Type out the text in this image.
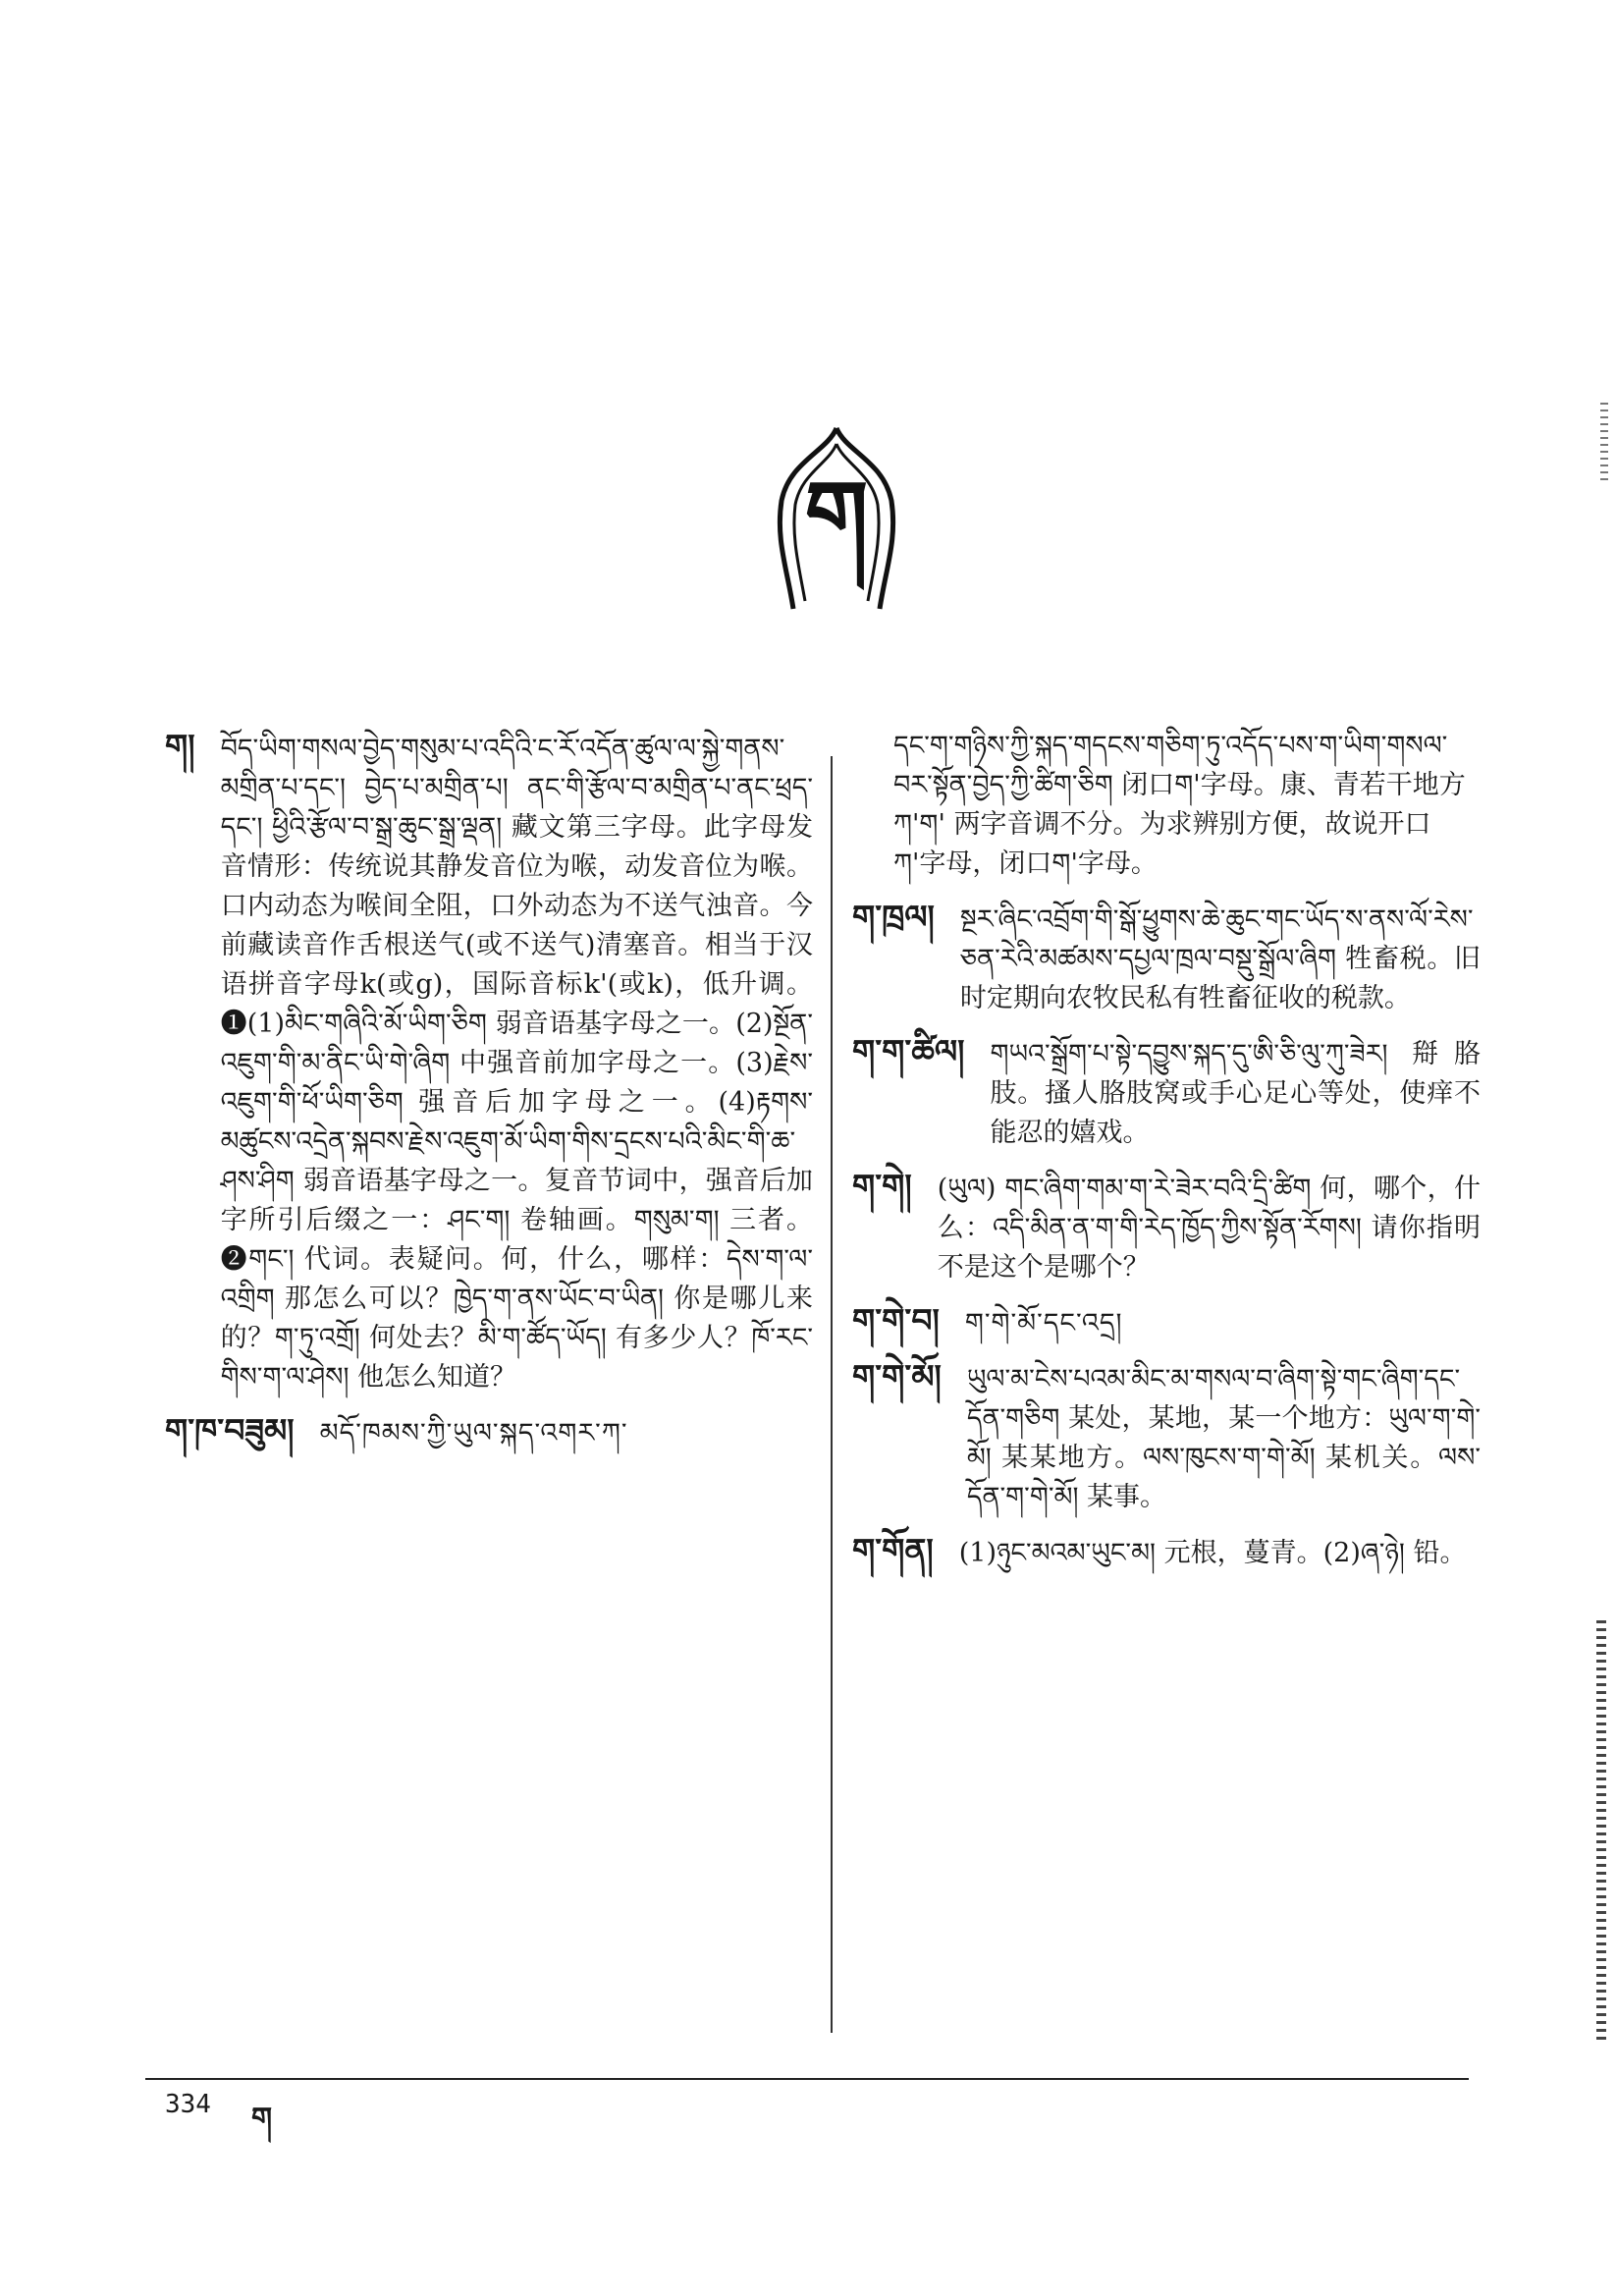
ག
ག། བོད་ཡིག་གསལ་བྱེད་གསུམ་པ་འདིའི་ང་རོ་འདོན་ཚུལ་ལ་སྐྱེ་གནས་མགྲིན་པ་དང་། བྱེད་པ་མགྲིན་པ། ནང་གི་རྩོལ་བ་མགྲིན་པ་ནང་ཕྲད་དང་། ཕྱིའི་རྩོལ་བ་སྒྲ་ཆུང་སྒྲ་ལྡན། 藏文第三字母。此字母发音情形：传统说其静发音位为喉，动发音位为喉。口内动态为喉间全阻，口外动态为不送气浊音。今前藏读音作舌根送气(或不送气)清塞音。相当于汉语拼音字母k(或g)，国际音标k'(或k)，低升调。❶(1)མིང་གཞིའི་མོ་ཡིག་ཅིག 弱音语基字母之一。(2)སྔོན་འཇུག་གི་མ་ནིང་ཡི་གེ་ཞིག 中强音前加字母之一。(3)རྗེས་འཇུག་གི་ཕོ་ཡིག་ཅིག 强音后加字母之一。(4)རྟགས་མཚུངས་འདྲེན་སྐབས་རྗེས་འཇུག་མོ་ཡིག་གིས་དྲངས་པའི་མིང་གི་ཆ་ཤས་ཤིག 弱音语基字母之一。复音节词中，强音后加字所引后缀之一：ཤང་ག། 卷轴画。གསུམ་ག། 三者。❷གང་། 代词。表疑问。何，什么，哪样：དེས་ག་ལ་འགྲིག 那怎么可以？ཁྱེད་ག་ནས་ཡོང་བ་ཡིན། 你是哪儿来的？ག་ཏུ་འགྲོ། 何处去？མི་ག་ཚོད་ཡོད། 有多少人？ཁོ་རང་གིས་ག་ལ་ཤེས། 他怎么知道？
ག་ཁ་བཟུམ། མདོ་ཁམས་ཀྱི་ཡུལ་སྐད་འགར་ཀ་
དང་ག་གཉིས་ཀྱི་སྐད་གདངས་གཅིག་ཏུ་འདོད་པས་ག་ཡིག་གསལ་བར་སྟོན་བྱེད་ཀྱི་ཚིག་ཅིག 闭口ག'字母。康、青若干地方ཀ'ག' 两字音调不分。为求辨别方便，故说开口ཀ'字母，闭口ག'字母。
ག་ཁྲལ། སྔར་ཞིང་འབྲོག་གི་སྒོ་ཕྱུགས་ཆེ་ཆུང་གང་ཡོད་ས་ནས་ལོ་རེས་ཅན་རེའི་མཚམས་དཔྱལ་ཁྲལ་བསྡུ་སྒྲོལ་ཞིག 牲畜税。旧时定期向农牧民私有牲畜征收的税款。
ག་ག་ཚིལ། གཡའ་སྒྲོག་པ་སྟེ་དབྱུས་སྐད་དུ་ཨི་ཅི་ལུ་ཀུ་ཟེར། 搿胳肢。搔人胳肢窝或手心足心等处，使痒不能忍的嬉戏。
ག་གེ། (ཡུལ) གང་ཞིག་གམ་ག་རེ་ཟེར་བའི་དྲི་ཚིག 何，哪个，什么：འདི་མིན་ན་ག་གི་རེད་ཁྱོད་ཀྱིས་སྟོན་རོགས། 请你指明不是这个是哪个？
ག་གེ་བ། ག་གེ་མོ་དང་འདྲ།
ག་གེ་མོ། ཡུལ་མ་ངེས་པའམ་མིང་མ་གསལ་བ་ཞིག་སྟེ་གང་ཞིག་དང་དོན་གཅིག 某处，某地，某一个地方：ཡུལ་ག་གེ་མོ། 某某地方。ལས་ཁུངས་ག་གེ་མོ། 某机关。ལས་དོན་ག་གེ་མོ། 某事。
ག་གོན། (1)ཉུང་མའམ་ཡུང་མ། 元根，蔓青。(2)ཞ་ཉེ། 铅。
334 ག
